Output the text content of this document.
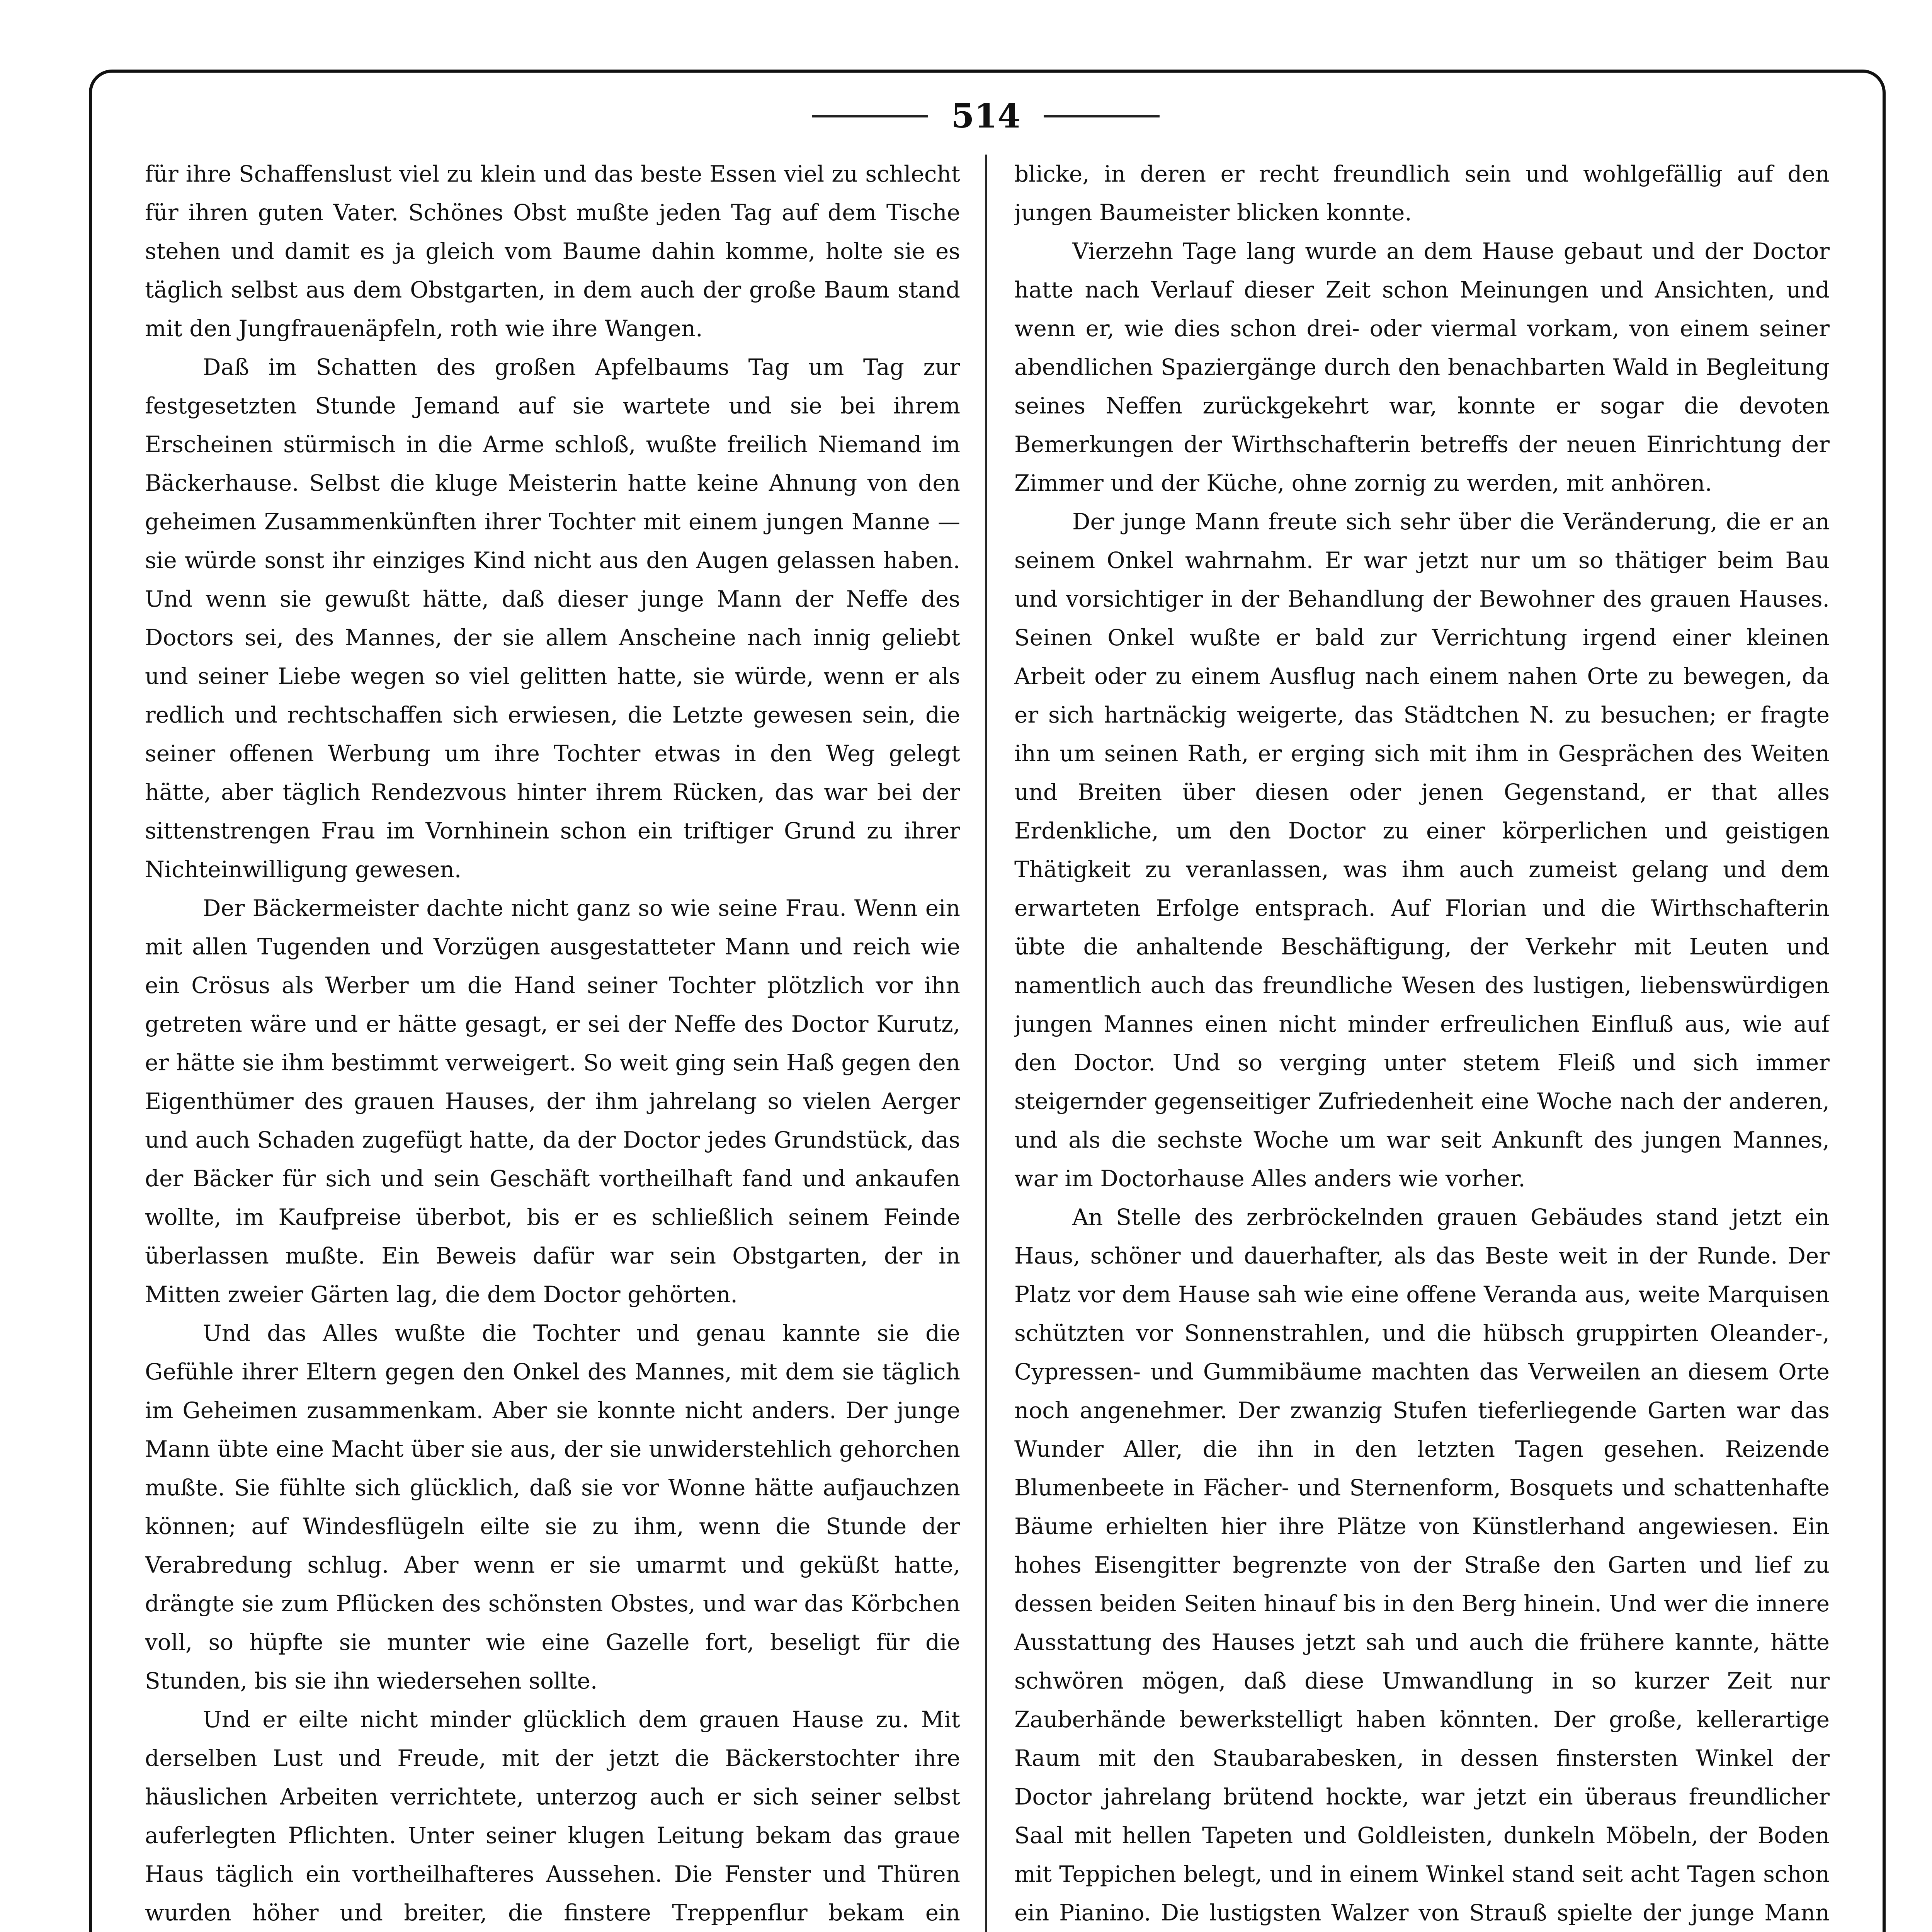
514

für ihre Schaffenslust viel zu klein und das beste Essen viel zu schlecht für ihren guten Vater. Schönes Obst mußte jeden Tag auf dem Tische stehen und damit es ja gleich vom Baume dahin komme, holte sie es täglich selbst aus dem Obstgarten, in dem auch der große Baum stand mit den Jungfrauenäpfeln, roth wie ihre Wangen.

Daß im Schatten des großen Apfelbaums Tag um Tag zur festgesetzten Stunde Jemand auf sie wartete und sie bei ihrem Erscheinen stürmisch in die Arme schloß, wußte freilich Niemand im Bäckerhause. Selbst die kluge Meisterin hatte keine Ahnung von den geheimen Zusammenkünften ihrer Tochter mit einem jungen Manne — sie würde sonst ihr einziges Kind nicht aus den Augen gelassen haben. Und wenn sie gewußt hätte, daß dieser junge Mann der Neffe des Doctors sei, des Mannes, der sie allem Anscheine nach innig geliebt und seiner Liebe wegen so viel gelitten hatte, sie würde, wenn er als redlich und rechtschaffen sich erwiesen, die Letzte gewesen sein, die seiner offenen Werbung um ihre Tochter etwas in den Weg gelegt hätte, aber täglich Rendezvous hinter ihrem Rücken, das war bei der sittenstrengen Frau im Vornhinein schon ein triftiger Grund zu ihrer Nichteinwilligung gewesen.

Der Bäckermeister dachte nicht ganz so wie seine Frau. Wenn ein mit allen Tugenden und Vorzügen ausgestatteter Mann und reich wie ein Crösus als Werber um die Hand seiner Tochter plötzlich vor ihn getreten wäre und er hätte gesagt, er sei der Neffe des Doctor Kurutz, er hätte sie ihm bestimmt verweigert. So weit ging sein Haß gegen den Eigenthümer des grauen Hauses, der ihm jahrelang so vielen Aerger und auch Schaden zugefügt hatte, da der Doctor jedes Grundstück, das der Bäcker für sich und sein Geschäft vortheilhaft fand und ankaufen wollte, im Kaufpreise überbot, bis er es schließlich seinem Feinde überlassen mußte. Ein Beweis dafür war sein Obstgarten, der in Mitten zweier Gärten lag, die dem Doctor gehörten.

Und das Alles wußte die Tochter und genau kannte sie die Gefühle ihrer Eltern gegen den Onkel des Mannes, mit dem sie täglich im Geheimen zusammenkam. Aber sie konnte nicht anders. Der junge Mann übte eine Macht über sie aus, der sie unwiderstehlich gehorchen mußte. Sie fühlte sich glücklich, daß sie vor Wonne hätte aufjauchzen können; auf Windesflügeln eilte sie zu ihm, wenn die Stunde der Verabredung schlug. Aber wenn er sie umarmt und geküßt hatte, drängte sie zum Pflücken des schönsten Obstes, und war das Körbchen voll, so hüpfte sie munter wie eine Gazelle fort, beseligt für die Stunden, bis sie ihn wiedersehen sollte.

Und er eilte nicht minder glücklich dem grauen Hause zu. Mit derselben Lust und Freude, mit der jetzt die Bäckerstochter ihre häuslichen Arbeiten verrichtete, unterzog auch er sich seiner selbst auferlegten Pflichten. Unter seiner klugen Leitung bekam das graue Haus täglich ein vortheilhafteres Aussehen. Die Fenster und Thüren wurden höher und breiter, die finstere Treppenflur bekam ein

blicke, in deren er recht freundlich sein und wohlgefällig auf den jungen Baumeister blicken konnte.

Vierzehn Tage lang wurde an dem Hause gebaut und der Doctor hatte nach Verlauf dieser Zeit schon Meinungen und Ansichten, und wenn er, wie dies schon drei- oder viermal vorkam, von einem seiner abendlichen Spaziergänge durch den benachbarten Wald in Begleitung seines Neffen zurückgekehrt war, konnte er sogar die devoten Bemerkungen der Wirthschafterin betreffs der neuen Einrichtung der Zimmer und der Küche, ohne zornig zu werden, mit anhören.

Der junge Mann freute sich sehr über die Veränderung, die er an seinem Onkel wahrnahm. Er war jetzt nur um so thätiger beim Bau und vorsichtiger in der Behandlung der Bewohner des grauen Hauses. Seinen Onkel wußte er bald zur Verrichtung irgend einer kleinen Arbeit oder zu einem Ausflug nach einem nahen Orte zu bewegen, da er sich hartnäckig weigerte, das Städtchen N. zu besuchen; er fragte ihn um seinen Rath, er erging sich mit ihm in Gesprächen des Weiten und Breiten über diesen oder jenen Gegenstand, er that alles Erdenkliche, um den Doctor zu einer körperlichen und geistigen Thätigkeit zu veranlassen, was ihm auch zumeist gelang und dem erwarteten Erfolge entsprach. Auf Florian und die Wirthschafterin übte die anhaltende Beschäftigung, der Verkehr mit Leuten und namentlich auch das freundliche Wesen des lustigen, liebenswürdigen jungen Mannes einen nicht minder erfreulichen Einfluß aus, wie auf den Doctor. Und so verging unter stetem Fleiß und sich immer steigernder gegenseitiger Zufriedenheit eine Woche nach der anderen, und als die sechste Woche um war seit Ankunft des jungen Mannes, war im Doctorhause Alles anders wie vorher.

An Stelle des zerbröckelnden grauen Gebäudes stand jetzt ein Haus, schöner und dauerhafter, als das Beste weit in der Runde. Der Platz vor dem Hause sah wie eine offene Veranda aus, weite Marquisen schützten vor Sonnenstrahlen, und die hübsch gruppirten Oleander-, Cypressen- und Gummibäume machten das Verweilen an diesem Orte noch angenehmer. Der zwanzig Stufen tieferliegende Garten war das Wunder Aller, die ihn in den letzten Tagen gesehen. Reizende Blumenbeete in Fächer- und Sternenform, Bosquets und schattenhafte Bäume erhielten hier ihre Plätze von Künstlerhand angewiesen. Ein hohes Eisengitter begrenzte von der Straße den Garten und lief zu dessen beiden Seiten hinauf bis in den Berg hinein. Und wer die innere Ausstattung des Hauses jetzt sah und auch die frühere kannte, hätte schwören mögen, daß diese Umwandlung in so kurzer Zeit nur Zauberhände bewerkstelligt haben könnten. Der große, kellerartige Raum mit den Staubarabesken, in dessen finstersten Winkel der Doctor jahrelang brütend hockte, war jetzt ein überaus freundlicher Saal mit hellen Tapeten und Goldleisten, dunkeln Möbeln, der Boden mit Teppichen belegt, und in einem Winkel stand seit acht Tagen schon ein Pianino. Die lustigsten Walzer von Strauß spielte der junge Mann
